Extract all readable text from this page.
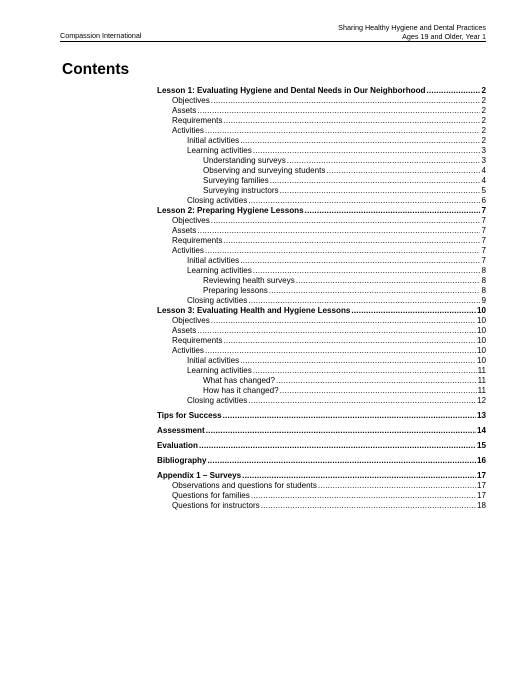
Compassion International
Sharing Healthy Hygiene and Dental Practices
Ages 19 and Older, Year 1
Contents
Lesson 1: Evaluating Hygiene and Dental Needs in Our Neighborhood .....	2
Objectives .....	2
Assets .....	2
Requirements .....	2
Activities .....	2
Initial activities .....	2
Learning activities .....	3
Understanding surveys .....	3
Observing and surveying students .....	4
Surveying families .....	4
Surveying instructors .....	5
Closing activities .....	6
Lesson 2: Preparing Hygiene Lessons .....	7
Objectives .....	7
Assets .....	7
Requirements .....	7
Activities .....	7
Initial activities .....	7
Learning activities .....	8
Reviewing health surveys .....	8
Preparing lessons .....	8
Closing activities .....	9
Lesson 3: Evaluating Health and Hygiene Lessons .....	10
Objectives .....	10
Assets .....	10
Requirements .....	10
Activities .....	10
Initial activities .....	10
Learning activities .....	11
What has changed? .....	11
How has it changed? .....	11
Closing activities .....	12
Tips for Success .....	13
Assessment .....	14
Evaluation .....	15
Bibliography .....	16
Appendix 1 – Surveys .....	17
Observations and questions for students .....	17
Questions for families .....	17
Questions for instructors .....	18
